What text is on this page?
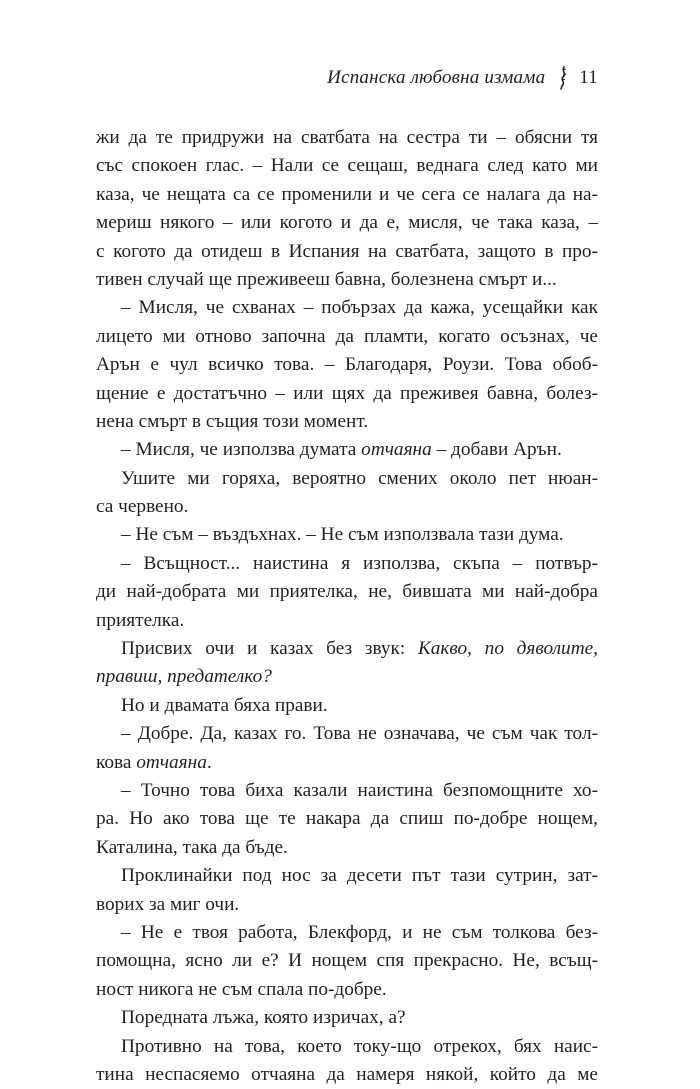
Испанска любовна измама 11
жи да те придружи на сватбата на сестра ти – обясни тя
със спокоен глас. – Нали се сещаш, веднага след като ми
каза, че нещата са се променили и че сега се налага да на-
мериш някого – или когото и да е, мисля, че така каза, –
с когото да отидеш в Испания на сватбата, защото в про-
тивен случай ще преживееш бавна, болезнена смърт и...
– Мисля, че схванах – побързах да кажа, усещайки как
лицето ми отново започна да пламти, когато осъзнах, че
Арън е чул всичко това. – Благодаря, Роузи. Това обоб-
щение е достатъчно – или щях да преживея бавна, болез-
нена смърт в същия този момент.
– Мисля, че използва думата отчаяна – добави Арън.
Ушите ми горяха, вероятно смених около пет нюан-
са червено.
– Не съм – въздъхнах. – Не съм използвала тази дума.
– Всъщност... наистина я използва, скъпа – потвър-
ди най-добрата ми приятелка, не, бившата ми най-добра
приятелка.
Присвих очи и казах без звук: Какво, по дяволите,
правиш, предателко?
Но и двамата бяха прави.
– Добре. Да, казах го. Това не означава, че съм чак тол-
кова отчаяна.
– Точно това биха казали наистина безпомощните хо-
ра. Но ако това ще те накара да спиш по-добре нощем,
Каталина, така да бъде.
Проклинайки под нос за десети път тази сутрин, зат-
ворих за миг очи.
– Не е твоя работа, Блекфорд, и не съм толкова без-
помощна, ясно ли е? И нощем спя прекрасно. Не, всъщ-
ност никога не съм спала по-добре.
Поредната лъжа, която изричах, а?
Противно на това, което току-що отрекох, бях наис-
тина неспасяемо отчаяна да намеря някой, който да ме
